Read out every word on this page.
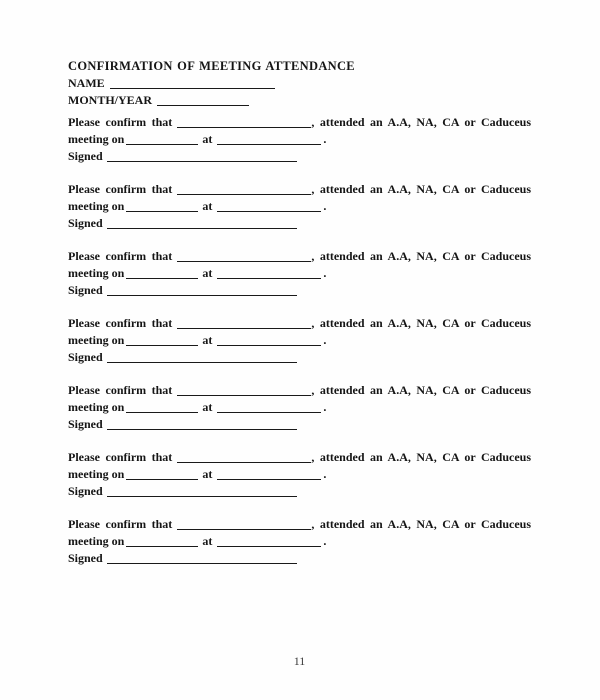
CONFIRMATION OF MEETING ATTENDANCE
NAME
MONTH/YEAR
Please confirm that	, attended an A.A, NA, CA or Caduceus
meeting on	at	.
Signed
Please confirm that	, attended an A.A, NA, CA or Caduceus
meeting on	at	.
Signed
Please confirm that	, attended an A.A, NA, CA or Caduceus
meeting on	at	.
Signed
Please confirm that	, attended an A.A, NA, CA or Caduceus
meeting on	at	.
Signed
Please confirm that	, attended an A.A, NA, CA or Caduceus
meeting on	at	.
Signed
Please confirm that	, attended an A.A, NA, CA or Caduceus
meeting on	at	.
Signed
Please confirm that	, attended an A.A, NA, CA or Caduceus
meeting on	at	.
Signed
11
